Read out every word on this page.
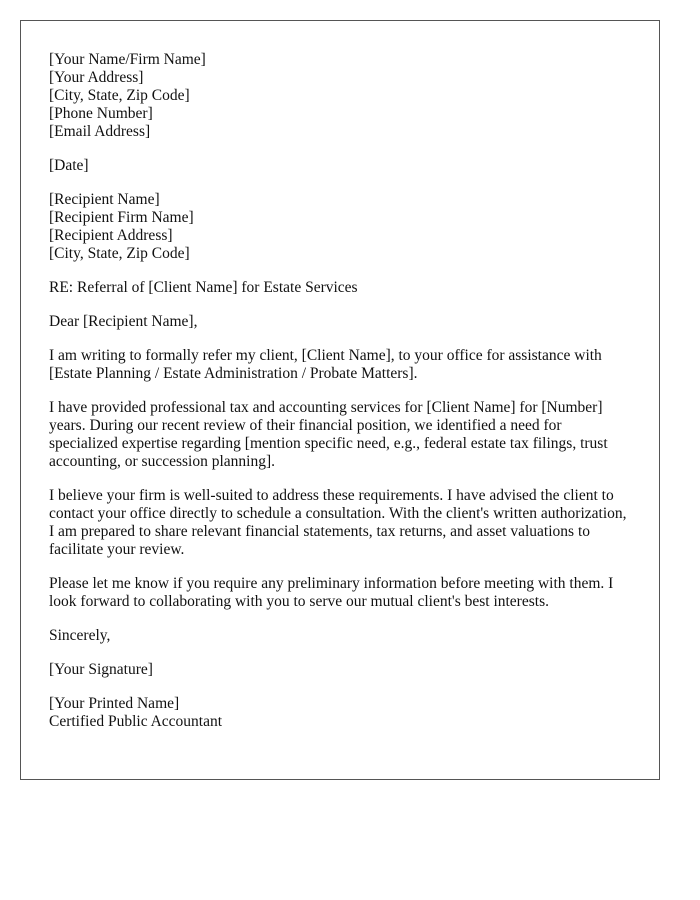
[Your Name/Firm Name]
[Your Address]
[City, State, Zip Code]
[Phone Number]
[Email Address]
[Date]
[Recipient Name]
[Recipient Firm Name]
[Recipient Address]
[City, State, Zip Code]

RE: Referral of [Client Name] for Estate Services

Dear [Recipient Name],

I am writing to formally refer my client, [Client Name], to your office for assistance with [Estate Planning / Estate Administration / Probate Matters].

I have provided professional tax and accounting services for [Client Name] for [Number] years. During our recent review of their financial position, we identified a need for specialized expertise regarding [mention specific need, e.g., federal estate tax filings, trust accounting, or succession planning].

I believe your firm is well-suited to address these requirements. I have advised the client to contact your office directly to schedule a consultation. With the client's written authorization, I am prepared to share relevant financial statements, tax returns, and asset valuations to facilitate your review.

Please let me know if you require any preliminary information before meeting with them. I look forward to collaborating with you to serve our mutual client's best interests.

Sincerely,

[Your Signature]

[Your Printed Name]
Certified Public Accountant
